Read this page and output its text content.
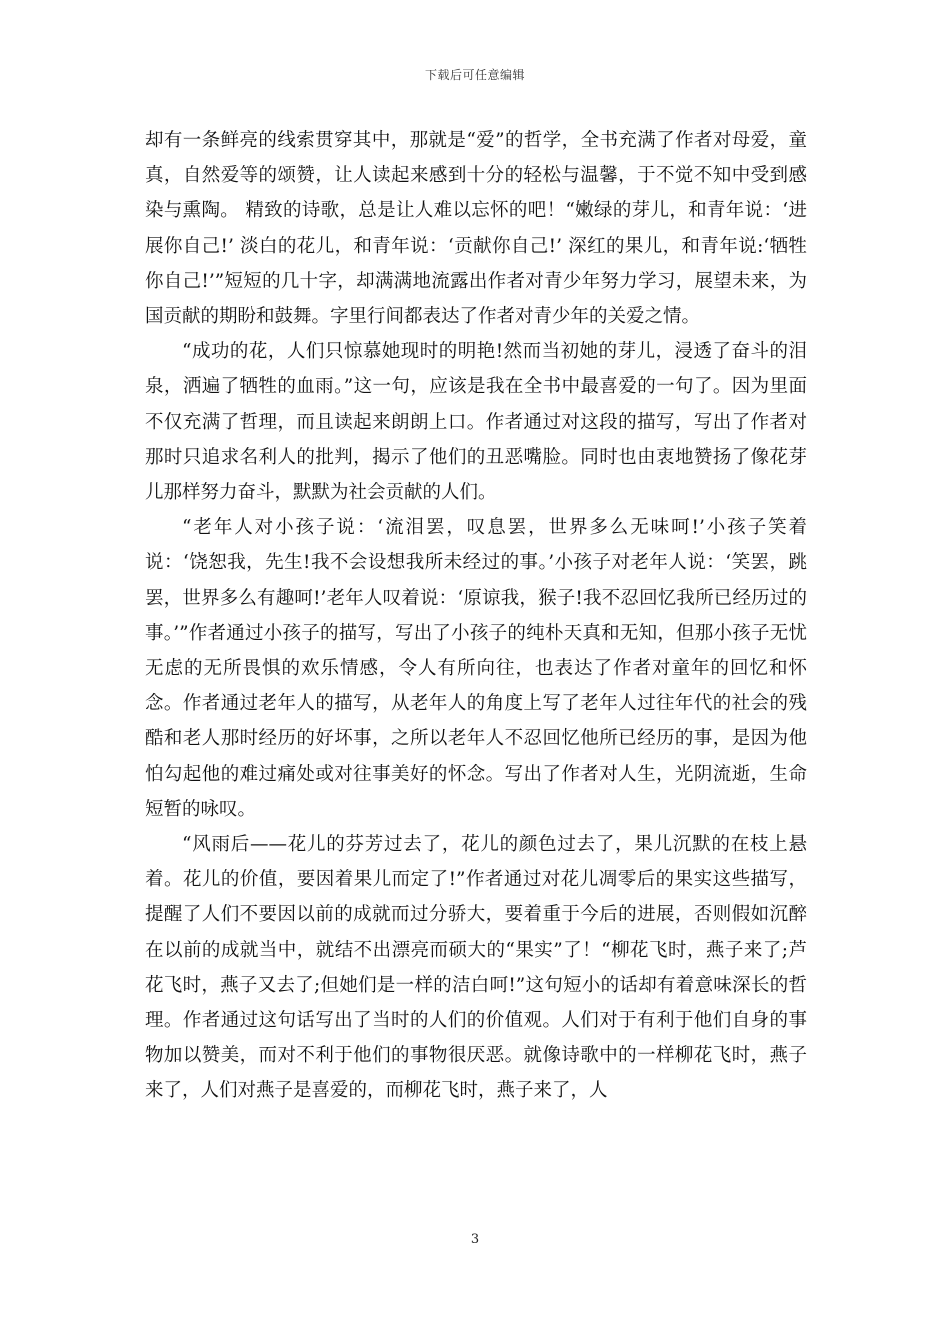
下载后可任意编辑

却有一条鲜亮的线索贯穿其中，那就是“爱”的哲学，全书充满了作者对母爱，童真，自然爱等的颂赞，让人读起来感到十分的轻松与温馨，于不觉不知中受到感染与熏陶。 精致的诗歌，总是让人难以忘怀的吧！“嫩绿的芽儿，和青年说：‘进展你自己!’ 淡白的花儿，和青年说：‘贡献你自己!’ 深红的果儿，和青年说:‘牺牲你自己!’”短短的几十字，却满满地流露出作者对青少年努力学习，展望未来，为国贡献的期盼和鼓舞。字里行间都表达了作者对青少年的关爱之情。

“成功的花，人们只惊慕她现时的明艳!然而当初她的芽儿，浸透了奋斗的泪泉，洒遍了牺牲的血雨。”这一句，应该是我在全书中最喜爱的一句了。因为里面不仅充满了哲理，而且读起来朗朗上口。作者通过对这段的描写，写出了作者对那时只追求名利人的批判，揭示了他们的丑恶嘴脸。同时也由衷地赞扬了像花芽儿那样努力奋斗，默默为社会贡献的人们。

“老年人对小孩子说：‘流泪罢，叹息罢，世界多么无味呵!’小孩子笑着说：‘饶恕我，先生!我不会设想我所未经过的事。’小孩子对老年人说：‘笑罢，跳罢，世界多么有趣呵!’老年人叹着说：‘原谅我，猴子!我不忍回忆我所已经历过的事。’”作者通过小孩子的描写，写出了小孩子的纯朴天真和无知，但那小孩子无忧无虑的无所畏惧的欢乐情感，令人有所向往，也表达了作者对童年的回忆和怀念。作者通过老年人的描写，从老年人的角度上写了老年人过往年代的社会的残酷和老人那时经历的好坏事，之所以老年人不忍回忆他所已经历的事，是因为他怕勾起他的难过痛处或对往事美好的怀念。写出了作者对人生，光阴流逝，生命短暂的咏叹。

“风雨后——花儿的芬芳过去了，花儿的颜色过去了，果儿沉默的在枝上悬着。花儿的价值，要因着果儿而定了!”作者通过对花儿凋零后的果实这些描写，提醒了人们不要因以前的成就而过分骄大，要着重于今后的进展，否则假如沉醉在以前的成就当中，就结不出漂亮而硕大的“果实”了！“柳花飞时，燕子来了;芦花飞时，燕子又去了;但她们是一样的洁白呵!”这句短小的话却有着意味深长的哲理。作者通过这句话写出了当时的人们的价值观。人们对于有利于他们自身的事物加以赞美，而对不利于他们的事物很厌恶。就像诗歌中的一样柳花飞时，燕子来了，人们对燕子是喜爱的，而柳花飞时，燕子来了，人

3
